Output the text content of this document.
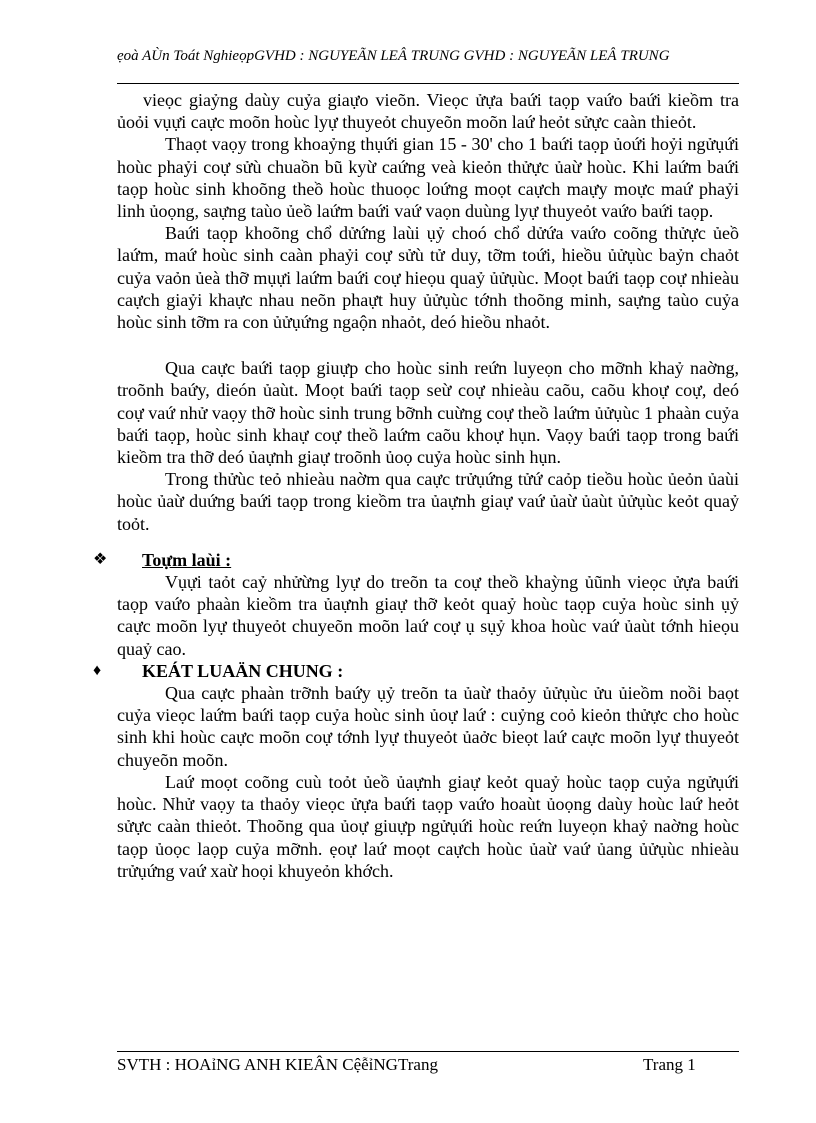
ẹoà AÙn Toát NghieọpGVHD : NGUYEÃN LEÂ TRUNG GVHD : NGUYEÃN LEÂ TRUNG

vieọc giaỷng daùy cuỷa giaựo vieõn. Vieọc ửựa baứi taọp vaứo baứi kieồm tra ủoỏi vụựi caực moõn hoùc lyự thuyeỏt chuyeõn moõn laứ heỏt sửực caàn thieỏt.

Thaọt vaọy trong khoaỷng thụứi gian 15 - 30' cho 1 baứi taọp ủoứi hoỷi ngửụứi hoùc phaỷi coự sửù chuaồn bũ kyừ caứng veà kieỏn thửực ủaừ hoùc. Khi laứm baứi taọp hoùc sinh khoõng theồ hoùc thuoọc loứng moọt caựch maựy moực maứ phaỷi linh ủoọng, saựng taùo ủeồ laứm baứi vaứ vaọn duùng lyự thuyeỏt vaứo baứi taọp.

Baứi taọp khoõng chổ dửứng laùi ụỷ choó chổ dửứa vaứo coõng thửực ủeồ laứm, maứ hoùc sinh caàn phaỷi coự sửù tử duy, tỡm toứi, hieồu ủửụùc baỷn chaỏt cuỷa vaỏn ủeà thỡ mụựi laứm baứi coự hieọu quaỷ ủửụùc. Moọt baứi taọp coự nhieàu caựch giaỷi khaực nhau neõn phaựt huy ủửụùc tớnh thoõng minh, saựng taùo cuỷa hoùc sinh tỡm ra con ủửụứng ngaộn nhaỏt, deó hieồu nhaỏt.

Qua caực baứi taọp giuựp cho hoùc sinh reứn luyeọn cho mỡnh khaỷ naờng, troõnh baứy, dieón ủaùt. Moọt baứi taọp seừ coự nhieàu caõu, caõu khoự coự, deó coự vaứ nhử vaọy thỡ hoùc sinh trung bỡnh cuừng coự theồ laứm ủửụùc 1 phaàn cuỷa baứi taọp, hoùc sinh khaự coự theồ laứm caõu khoự hụn. Vaọy baứi taọp trong baứi kieồm tra thỡ deó ủaựnh giaự troõnh ủoọ cuỷa hoùc sinh hụn.

Trong thửùc teỏ nhieàu naờm qua caực trửụứng tửứ caỏp tieồu hoùc ủeỏn ủaùi hoùc ủaừ duứng baứi taọp trong kieồm tra ủaựnh giaự vaứ ủaừ ủaùt ủửụùc keỏt quaỷ toỏt.

❖	Toựm laùi :

Vụựi taỏt caỷ nhửừng lyự do treõn ta coự theồ khaỳng ủũnh vieọc ửựa baứi taọp vaứo phaàn kieồm tra ủaựnh giaự thỡ keỏt quaỷ hoùc taọp cuỷa hoùc sinh ụỷ caực moõn lyự thuyeỏt chuyeõn moõn laứ coự ụ sụỷ khoa hoùc vaứ ủaùt tớnh hieọu quaỷ cao.

♦	KEÁT LUAÄN CHUNG :

Qua caực phaàn trỡnh baứy ụỷ treõn ta ủaừ thaỏy ủửụùc ửu ủieồm noồi baọt cuỷa vieọc laứm baứi taọp cuỷa hoùc sinh ủoự laứ : cuỷng coỏ kieỏn thửực cho hoùc sinh khi hoùc caực moõn coự tớnh lyự thuyeỏt ủaởc bieọt laứ caực moõn lyự thuyeỏt chuyeõn moõn.

Laứ moọt coõng cuù toỏt ủeồ ủaựnh giaự keỏt quaỷ hoùc taọp cuỷa ngửụứi hoùc. Nhử vaọy ta thaỏy vieọc ửựa baứi taọp vaứo hoaùt ủoọng daùy hoùc laứ heỏt sửực caàn thieỏt. Thoõng qua ủoự giuựp ngửụứi hoùc reứn luyeọn khaỷ naờng hoùc taọp ủoọc laọp cuỷa mỡnh. ẹoự laứ moọt caựch hoùc ủaừ vaứ ủang ủửụùc nhieàu trửụứng vaứ xaừ hoọi khuyeỏn khớch.

SVTH : HOAỉNG ANH KIEÂN CệễỉNGTrang	Trang 1
